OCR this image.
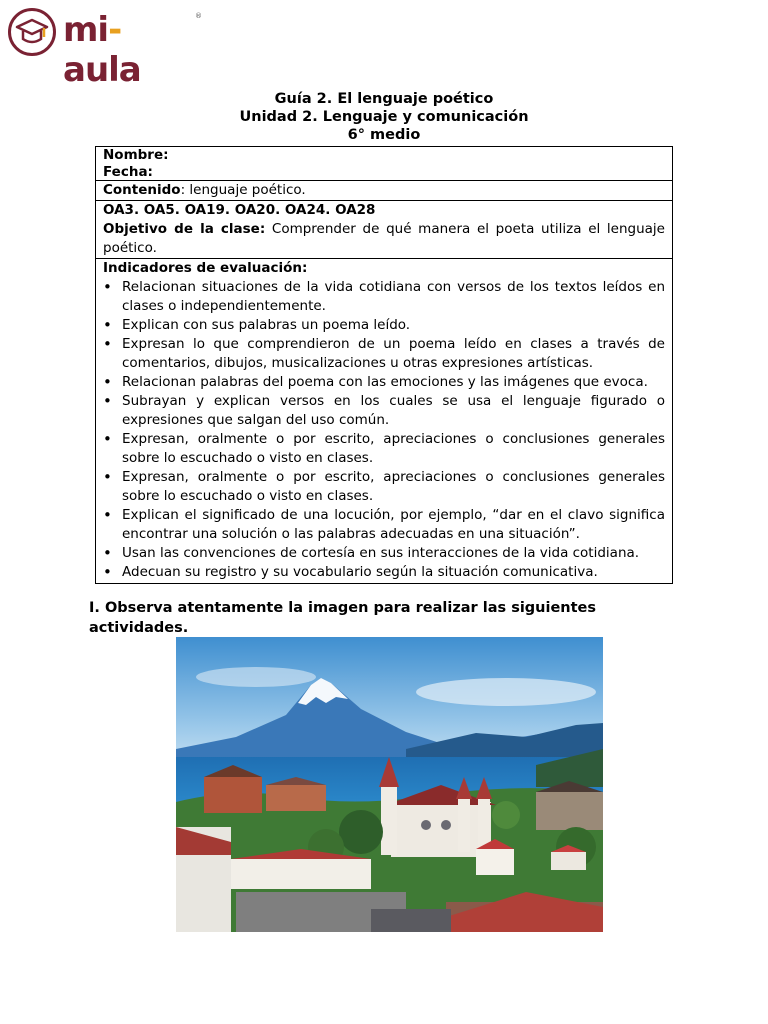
mi-aula
®
Guía 2. El lenguaje poético
Unidad 2. Lenguaje y comunicación
6° medio
Nombre:
Fecha:

Contenido: lenguaje poético.

OA3. OA5. OA19. OA20. OA24. OA28
Objetivo de la clase: Comprender de qué manera el poeta utiliza el lenguaje poético.

Indicadores de evaluación:
• Relacionan situaciones de la vida cotidiana con versos de los textos leídos en clases o independientemente.
• Explican con sus palabras un poema leído.
• Expresan lo que comprendieron de un poema leído en clases a través de comentarios, dibujos, musicalizaciones u otras expresiones artísticas.
• Relacionan palabras del poema con las emociones y las imágenes que evoca.
• Subrayan y explican versos en los cuales se usa el lenguaje figurado o expresiones que salgan del uso común.
• Expresan, oralmente o por escrito, apreciaciones o conclusiones generales sobre lo escuchado o visto en clases.
• Expresan, oralmente o por escrito, apreciaciones o conclusiones generales sobre lo escuchado o visto en clases.
• Explican el significado de una locución, por ejemplo, “dar en el clavo significa encontrar una solución o las palabras adecuadas en una situación”.
• Usan las convenciones de cortesía en sus interacciones de la vida cotidiana.
• Adecuan su registro y su vocabulario según la situación comunicativa.
I. Observa atentamente la imagen para realizar las siguientes actividades.
